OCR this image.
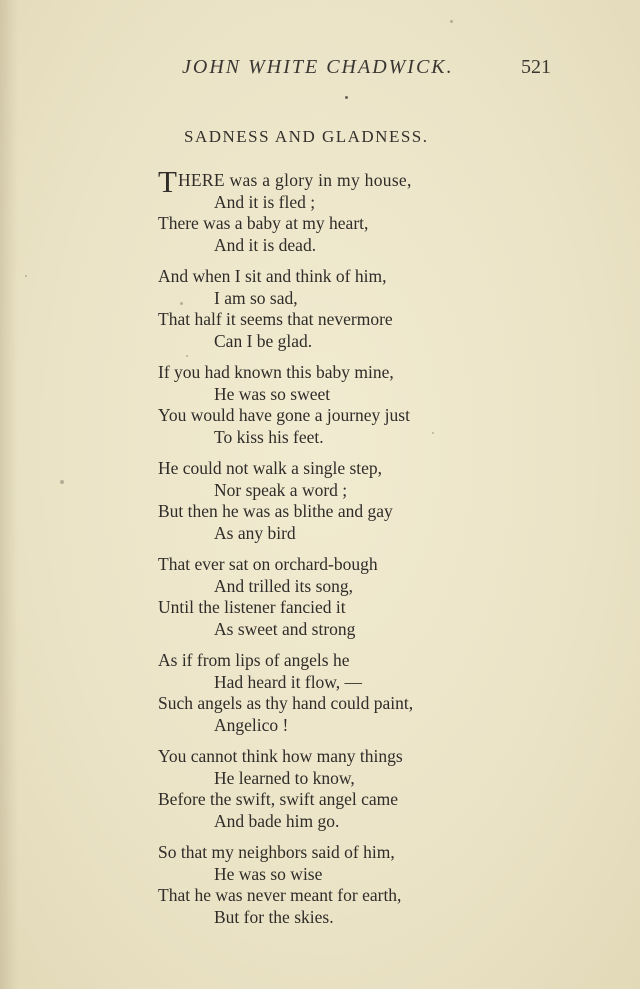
JOHN WHITE CHADWICK.	521
SADNESS AND GLADNESS.
THERE was a glory in my house,
And it is fled ;
There was a baby at my heart,
And it is dead.
And when I sit and think of him,
I am so sad,
That half it seems that nevermore
Can I be glad.
If you had known this baby mine,
He was so sweet
You would have gone a journey just
To kiss his feet.
He could not walk a single step,
Nor speak a word ;
But then he was as blithe and gay
As any bird
That ever sat on orchard-bough
And trilled its song,
Until the listener fancied it
As sweet and strong
As if from lips of angels he
Had heard it flow, —
Such angels as thy hand could paint,
Angelico !
You cannot think how many things
He learned to know,
Before the swift, swift angel came
And bade him go.
So that my neighbors said of him,
He was so wise
That he was never meant for earth,
But for the skies.
